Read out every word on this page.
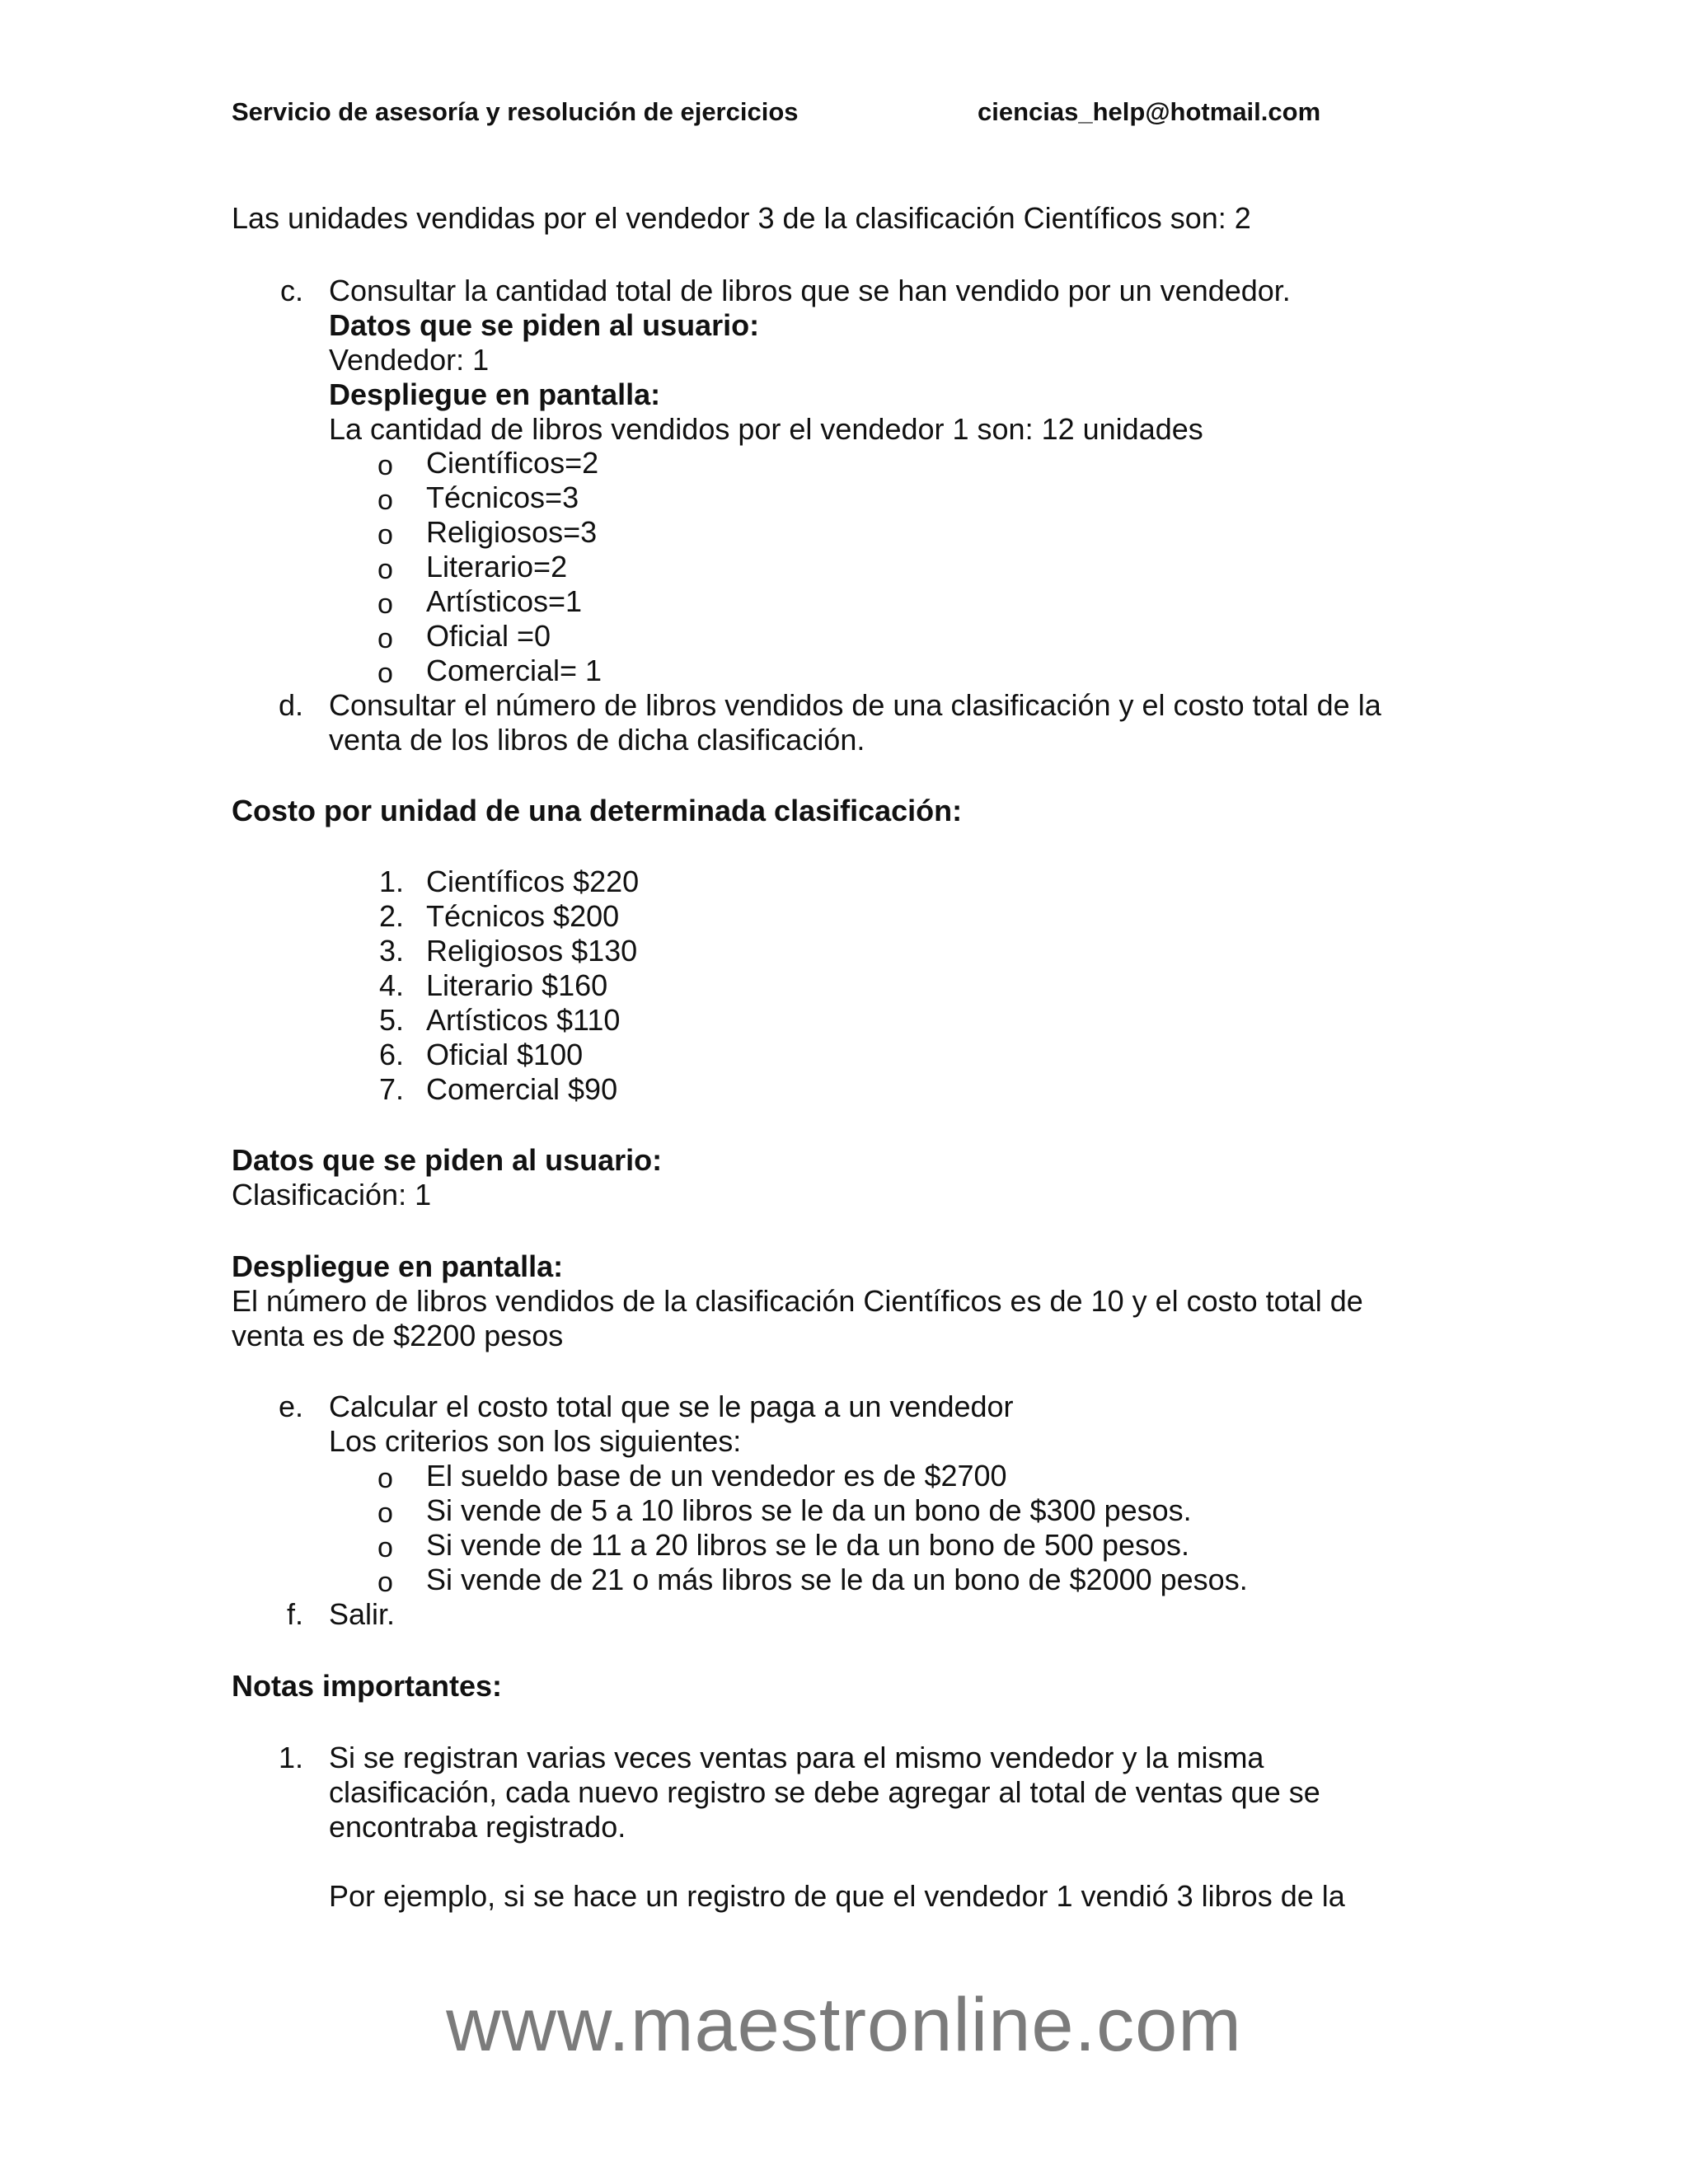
Servicio de asesoría y resolución de ejercicios	ciencias_help@hotmail.com
Las unidades vendidas por el vendedor 3 de la clasificación Científicos son: 2
c. Consultar la cantidad total de libros que se han vendido por un vendedor.
Datos que se piden al usuario:
Vendedor: 1
Despliegue en pantalla:
La cantidad de libros vendidos por el vendedor 1 son: 12 unidades
o Científicos=2
o Técnicos=3
o Religiosos=3
o Literario=2
o Artísticos=1
o Oficial =0
o Comercial= 1
d. Consultar el número de libros vendidos de una clasificación y el costo total de la
venta de los libros de dicha clasificación.
Costo por unidad de una determinada clasificación:
1. Científicos $220
2. Técnicos $200
3. Religiosos $130
4. Literario $160
5. Artísticos $110
6. Oficial $100
7. Comercial $90
Datos que se piden al usuario:
Clasificación: 1
Despliegue en pantalla:
El número de libros vendidos de la clasificación Científicos es de 10 y el costo total de
venta es de $2200 pesos
e. Calcular el costo total que se le paga a un vendedor
Los criterios son los siguientes:
o El sueldo base de un vendedor es de $2700
o Si vende de 5 a 10 libros se le da un bono de $300 pesos.
o Si vende de 11 a 20 libros se le da un bono de 500 pesos.
o Si vende de 21 o más libros se le da un bono de $2000 pesos.
f. Salir.
Notas importantes:
1. Si se registran varias veces ventas para el mismo vendedor y la misma
clasificación, cada nuevo registro se debe agregar al total de ventas que se
encontraba registrado.
Por ejemplo, si se hace un registro de que el vendedor 1 vendió 3 libros de la
www.maestronline.com
